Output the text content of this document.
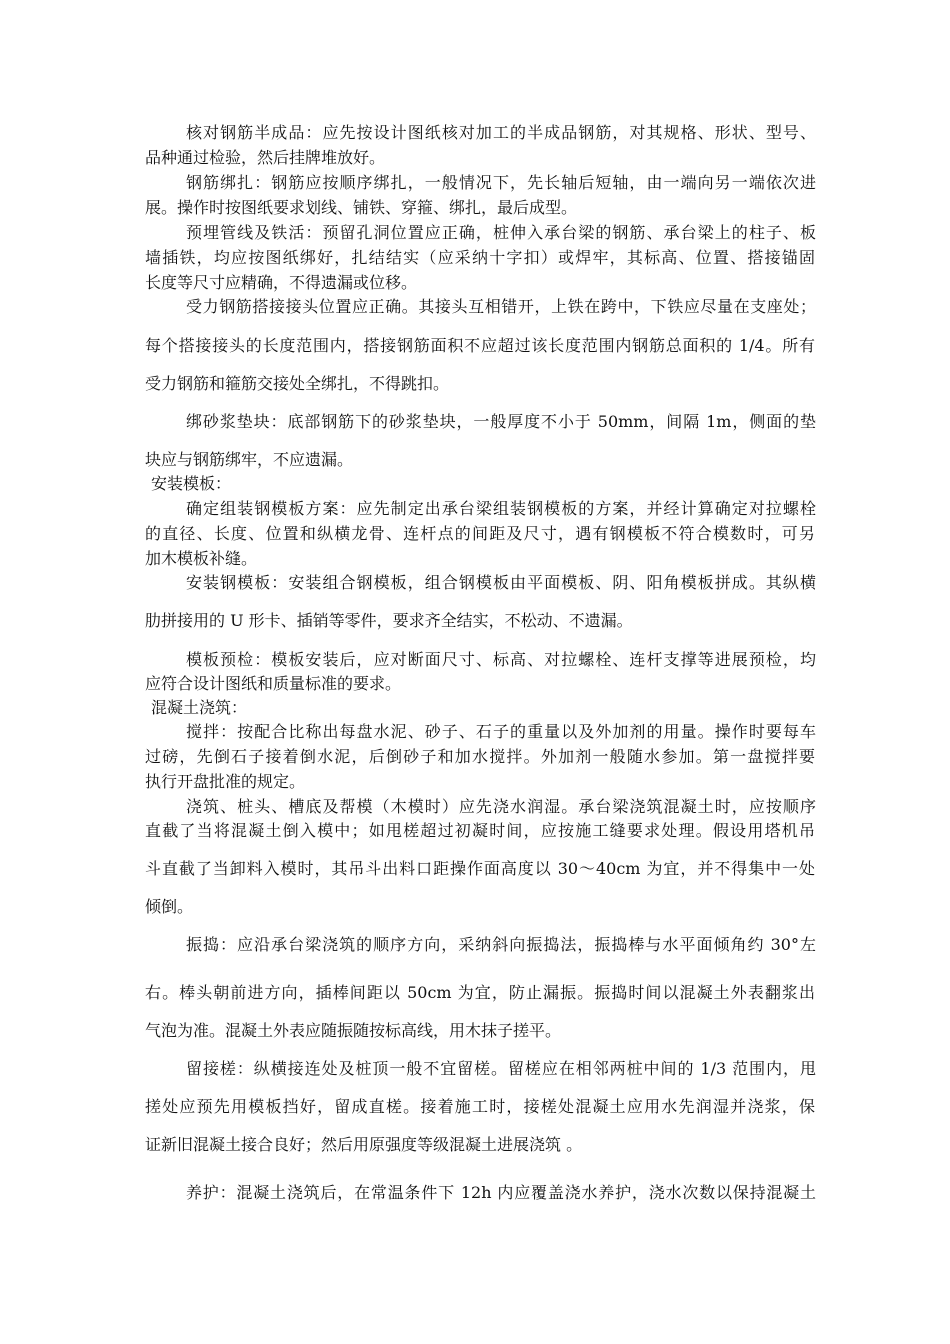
核对钢筋半成品：应先按设计图纸核对加工的半成品钢筋，对其规格、形状、型号、
品种通过检验，然后挂牌堆放好。
钢筋绑扎：钢筋应按顺序绑扎，一般情况下，先长轴后短轴，由一端向另一端依次进
展。操作时按图纸要求划线、铺铁、穿箍、绑扎，最后成型。
预埋管线及铁活：预留孔洞位置应正确，桩伸入承台梁的钢筋、承台梁上的柱子、板
墙插铁，均应按图纸绑好，扎结结实（应采纳十字扣）或焊牢，其标高、位置、搭接锚固
长度等尺寸应精确，不得遗漏或位移。
受力钢筋搭接接头位置应正确。其接头互相错开，上铁在跨中，下铁应尽量在支座处；
每个搭接接头的长度范围内，搭接钢筋面积不应超过该长度范围内钢筋总面积的 1/4。所有
受力钢筋和箍筋交接处全绑扎，不得跳扣。
绑砂浆垫块：底部钢筋下的砂浆垫块，一般厚度不小于 50mm，间隔 1m，侧面的垫
块应与钢筋绑牢，不应遗漏。
安装模板：
确定组装钢模板方案：应先制定出承台梁组装钢模板的方案，并经计算确定对拉螺栓
的直径、长度、位置和纵横龙骨、连杆点的间距及尺寸，遇有钢模板不符合模数时，可另
加木模板补缝。
安装钢模板：安装组合钢模板，组合钢模板由平面模板、阴、阳角模板拼成。其纵横
肋拼接用的 U 形卡、插销等零件，要求齐全结实，不松动、不遗漏。
模板预检：模板安装后，应对断面尺寸、标高、对拉螺栓、连杆支撑等进展预检，均
应符合设计图纸和质量标准的要求。
混凝土浇筑：
搅拌：按配合比称出每盘水泥、砂子、石子的重量以及外加剂的用量。操作时要每车
过磅，先倒石子接着倒水泥，后倒砂子和加水搅拌。外加剂一般随水参加。第一盘搅拌要
执行开盘批准的规定。
浇筑、桩头、槽底及帮模（木模时）应先浇水润湿。承台梁浇筑混凝土时，应按顺序
直截了当将混凝土倒入模中；如甩槎超过初凝时间，应按施工缝要求处理。假设用塔机吊
斗直截了当卸料入模时，其吊斗出料口距操作面高度以 30～40cm 为宜，并不得集中一处
倾倒。
振捣：应沿承台梁浇筑的顺序方向，采纳斜向振捣法，振捣棒与水平面倾角约 30°左
右。棒头朝前进方向，插棒间距以 50cm 为宜，防止漏振。振捣时间以混凝土外表翻浆出
气泡为准。混凝土外表应随振随按标高线，用木抹子搓平。
留接槎：纵横接连处及桩顶一般不宜留槎。留槎应在相邻两桩中间的 1/3 范围内，甩
搓处应预先用模板挡好，留成直槎。接着施工时，接槎处混凝土应用水先润湿并浇浆，保
证新旧混凝土接合良好；然后用原强度等级混凝土进展浇筑 。
养护：混凝土浇筑后，在常温条件下 12h 内应覆盖浇水养护，浇水次数以保持混凝土
